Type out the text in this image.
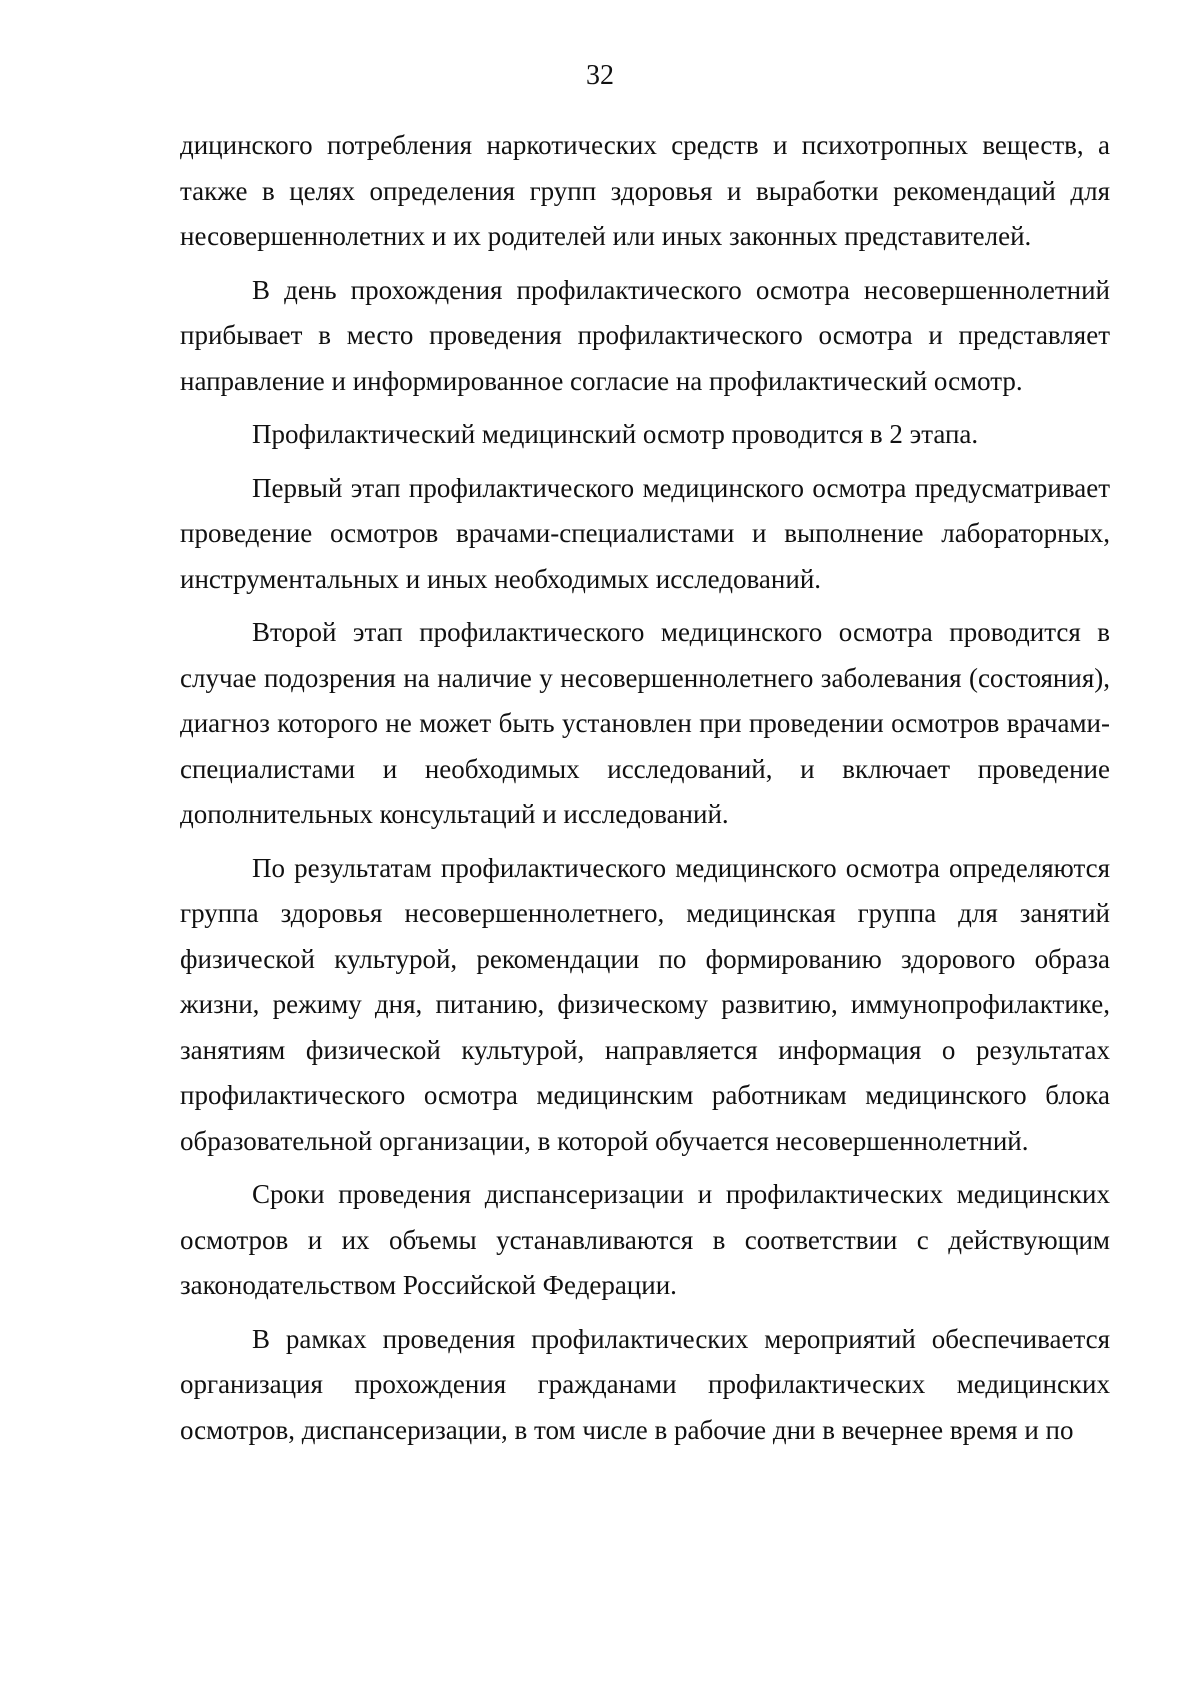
32

дицинского потребления наркотических средств и психотропных веществ, а также в целях определения групп здоровья и выработки рекомендаций для несовершеннолетних и их родителей или иных законных представителей.

В день прохождения профилактического осмотра несовершеннолетний прибывает в место проведения профилактического осмотра и представляет направление и информированное согласие на профилактический осмотр.

Профилактический медицинский осмотр проводится в 2 этапа.

Первый этап профилактического медицинского осмотра предусматривает проведение осмотров врачами-специалистами и выполнение лабораторных, инструментальных и иных необходимых исследований.

Второй этап профилактического медицинского осмотра проводится в случае подозрения на наличие у несовершеннолетнего заболевания (состояния), диагноз которого не может быть установлен при проведении осмотров врачами-специалистами и необходимых исследований, и включает проведение дополнительных консультаций и исследований.

По результатам профилактического медицинского осмотра определяются группа здоровья несовершеннолетнего, медицинская группа для занятий физической культурой, рекомендации по формированию здорового образа жизни, режиму дня, питанию, физическому развитию, иммунопрофилактике, занятиям физической культурой, направляется информация о результатах профилактического осмотра медицинским работникам медицинского блока образовательной организации, в которой обучается несовершеннолетний.

Сроки проведения диспансеризации и профилактических медицинских осмотров и их объемы устанавливаются в соответствии с действующим законодательством Российской Федерации.

В рамках проведения профилактических мероприятий обеспечивается организация прохождения гражданами профилактических медицинских осмотров, диспансеризации, в том числе в рабочие дни в вечернее время и по
